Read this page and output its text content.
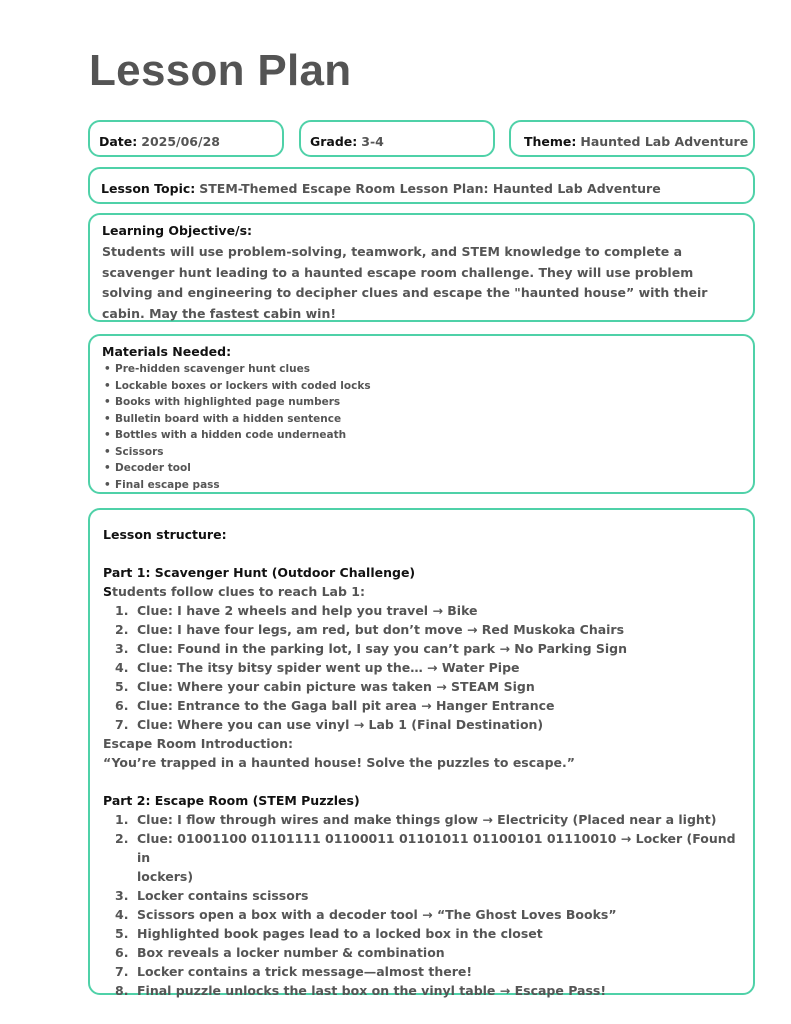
Lesson Plan
Date: 2025/06/28	Grade: 3-4	Theme: Haunted Lab Adventure
Lesson Topic: STEM-Themed Escape Room Lesson Plan: Haunted Lab Adventure

Learning Objective/s:

Students will use problem-solving, teamwork, and STEM knowledge to complete a scavenger hunt leading to a haunted escape room challenge. They will use problem solving and engineering to decipher clues and escape the "haunted house” with their cabin. May the fastest cabin win!

Materials Needed:

• Pre-hidden scavenger hunt clues
• Lockable boxes or lockers with coded locks
• Books with highlighted page numbers
• Bulletin board with a hidden sentence
• Bottles with a hidden code underneath
• Scissors
• Decoder tool
• Final escape pass

Lesson structure:

Part 1: Scavenger Hunt (Outdoor Challenge)

Students follow clues to reach Lab 1:

1. Clue: I have 2 wheels and help you travel → Bike
2. Clue: I have four legs, am red, but don’t move → Red Muskoka Chairs
3. Clue: Found in the parking lot, I say you can’t park → No Parking Sign
4. Clue: The itsy bitsy spider went up the… → Water Pipe
5. Clue: Where your cabin picture was taken → STEAM Sign
6. Clue: Entrance to the Gaga ball pit area → Hanger Entrance
7. Clue: Where you can use vinyl → Lab 1 (Final Destination)

Escape Room Introduction:

“You’re trapped in a haunted house! Solve the puzzles to escape.”

Part 2: Escape Room (STEM Puzzles)

1. Clue: I flow through wires and make things glow → Electricity (Placed near a light)
2. Clue: 01001100 01101111 01100011 01101011 01100101 01110010 → Locker (Found in
lockers)
3. Locker contains scissors
4. Scissors open a box with a decoder tool → “The Ghost Loves Books”
5. Highlighted book pages lead to a locked box in the closet
6. Box reveals a locker number & combination
7. Locker contains a trick message—almost there!
8. Final puzzle unlocks the last box on the vinyl table → Escape Pass!
